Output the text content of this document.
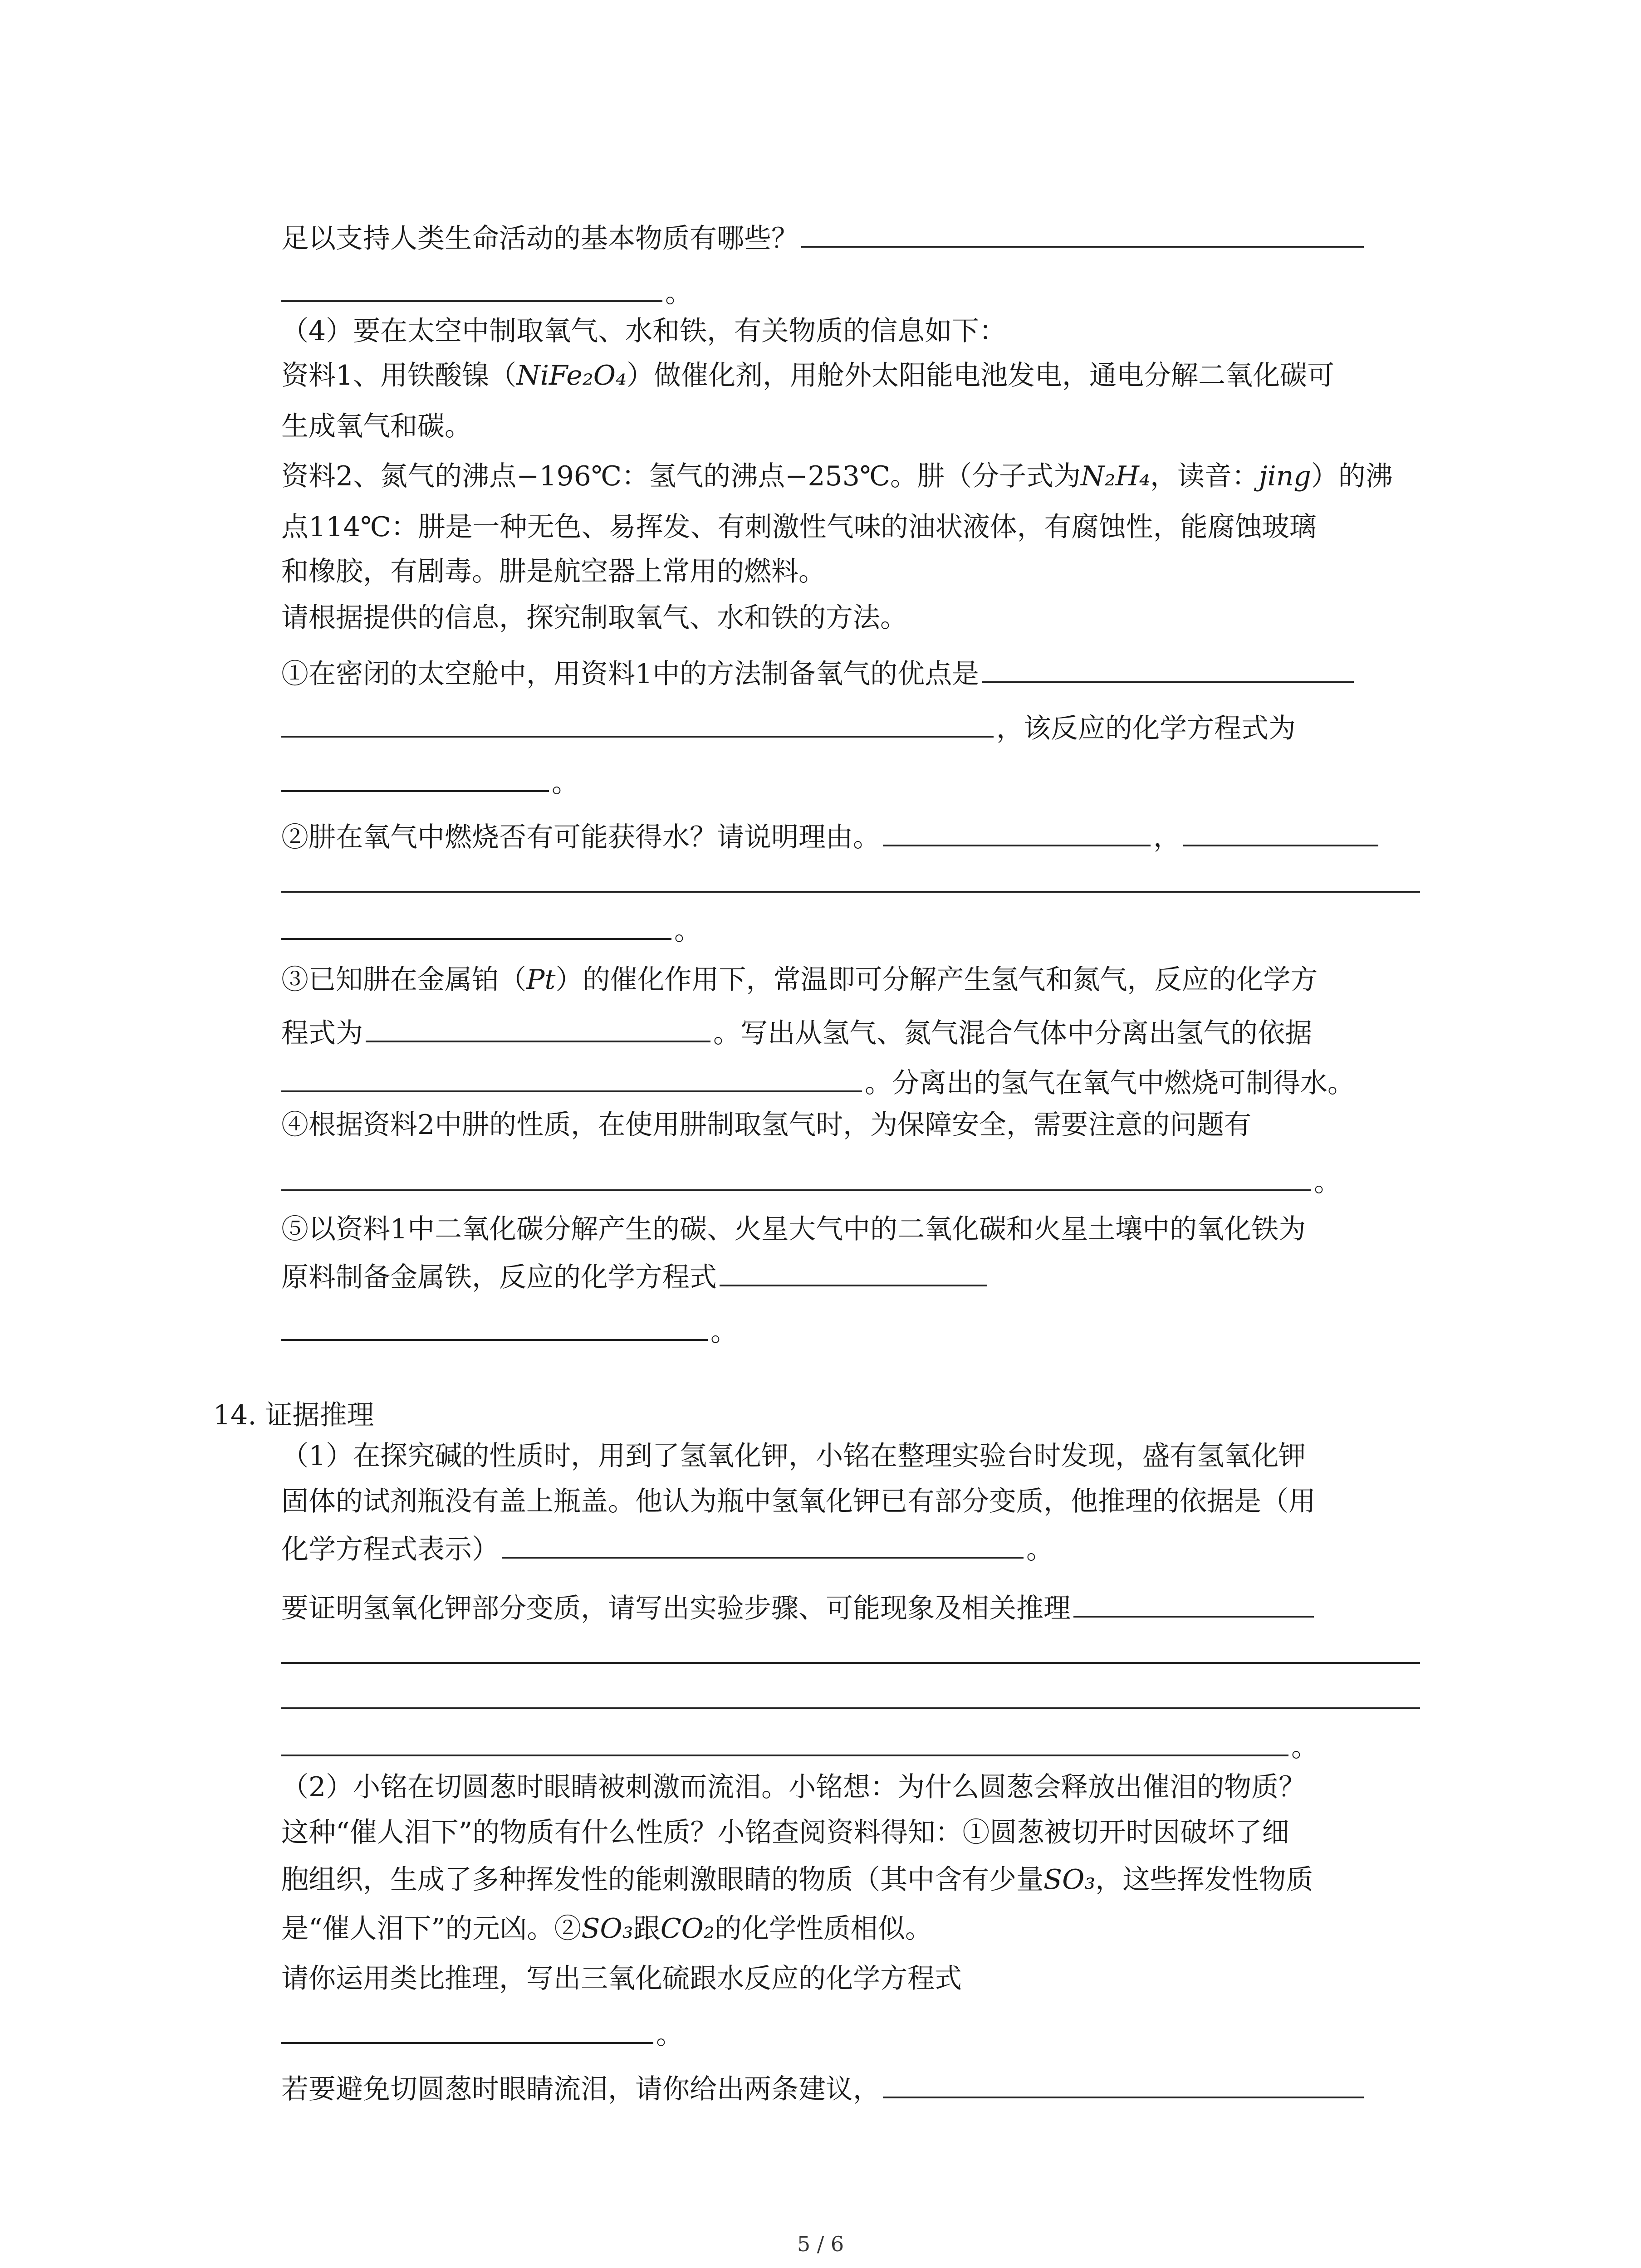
足以支持人类生命活动的基本物质有哪些？
。
（4）要在太空中制取氧气、水和铁，有关物质的信息如下：
资料1、用铁酸镍（NiFe₂O₄）做催化剂，用舱外太阳能电池发电，通电分解二氧化碳可
生成氧气和碳。
资料2、氮气的沸点−196℃：氢气的沸点−253℃。肼（分子式为N₂H₄，读音：jing）的沸
点114℃：肼是一种无色、易挥发、有刺激性气味的油状液体，有腐蚀性，能腐蚀玻璃
和橡胶，有剧毒。肼是航空器上常用的燃料。
请根据提供的信息，探究制取氧气、水和铁的方法。
①在密闭的太空舱中，用资料1中的方法制备氧气的优点是
，该反应的化学方程式为
。
②肼在氧气中燃烧否有可能获得水？请说明理由。	，
。
③已知肼在金属铂（Pt）的催化作用下，常温即可分解产生氢气和氮气，反应的化学方
程式为	。写出从氢气、氮气混合气体中分离出氢气的依据
。分离出的氢气在氧气中燃烧可制得水。
④根据资料2中肼的性质，在使用肼制取氢气时，为保障安全，需要注意的问题有
。
⑤以资料1中二氧化碳分解产生的碳、火星大气中的二氧化碳和火星土壤中的氧化铁为
原料制备金属铁，反应的化学方程式
。
14. 证据推理
（1）在探究碱的性质时，用到了氢氧化钾，小铭在整理实验台时发现，盛有氢氧化钾
固体的试剂瓶没有盖上瓶盖。他认为瓶中氢氧化钾已有部分变质，他推理的依据是（用
化学方程式表示）	。
要证明氢氧化钾部分变质，请写出实验步骤、可能现象及相关推理
。
（2）小铭在切圆葱时眼睛被刺激而流泪。小铭想：为什么圆葱会释放出催泪的物质？
这种“催人泪下”的物质有什么性质？小铭查阅资料得知：①圆葱被切开时因破坏了细
胞组织，生成了多种挥发性的能刺激眼睛的物质（其中含有少量SO₃，这些挥发性物质
是“催人泪下”的元凶。②SO₃跟CO₂的化学性质相似。
请你运用类比推理，写出三氧化硫跟水反应的化学方程式
。
若要避免切圆葱时眼睛流泪，请你给出两条建议，
5 / 6
